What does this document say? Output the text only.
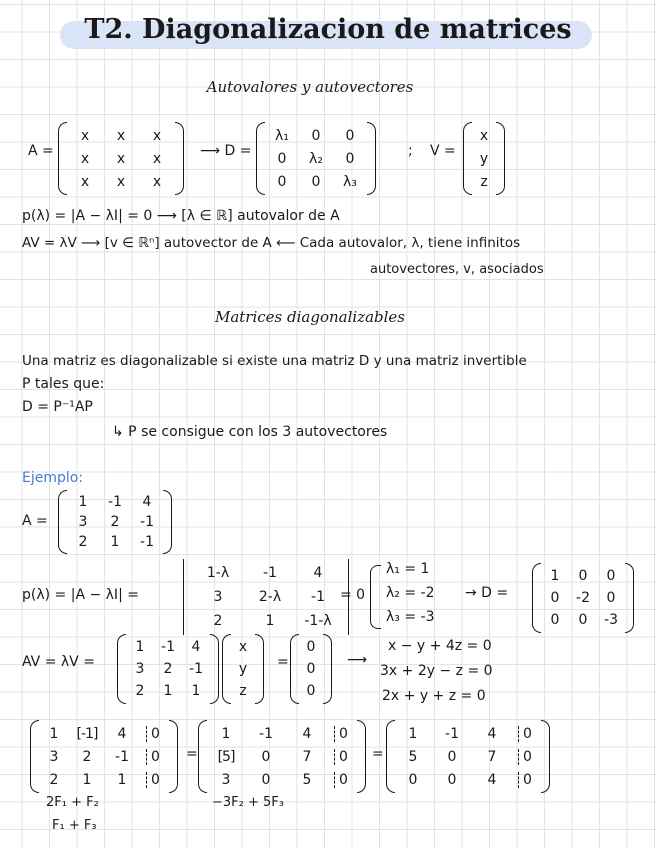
T2. Diagonalizacion de matrices
Autovalores y autovectores
A =
x x x
x x x
x x x
⟶ D =
λ₁ 0 0
0 λ₂ 0
0 0 λ₃
; V =
x
y
z
p(λ) = |A − λI| = 0 ⟶ [λ ∈ ℝ] autovalor de A
AV = λV ⟶ [v ∈ ℝⁿ] autovector de A ⟵ Cada autovalor, λ, tiene infinitos
autovectores, v, asociados
Matrices diagonalizables
Una matriz es diagonalizable si existe una matriz D y una matriz invertible
P tales que:
D = P⁻¹AP
↳ P se consigue con los 3 autovectores
Ejemplo:
A =
1 -1 4
3 2 -1
2 1 -1
p(λ) = |A − λI| =
1-λ -1	4
3	2-λ -1
2	1 -1-λ
= 0
λ₁ = 1
λ₂ = -2
λ₃ = -3
→ D =
1 0 0
0 -2 0
0 0 -3
AV = λV =
1 -1 4
3 2 -1
2 1 1
x
y
z
=
0
0
0
⟶
x − y + 4z = 0
3x + 2y − z = 0
2x + y + z = 0
1 [-1] 4	0
3 2 -1	0
2 1 1	0
=
1 -1 4	0
[5] 0 7	0
3 0 5	0
=
1 -1 4	0
5 0 7	0
0 0 4	0
2F₁ + F₂
F₁ + F₃
−3F₂ + 5F₃
